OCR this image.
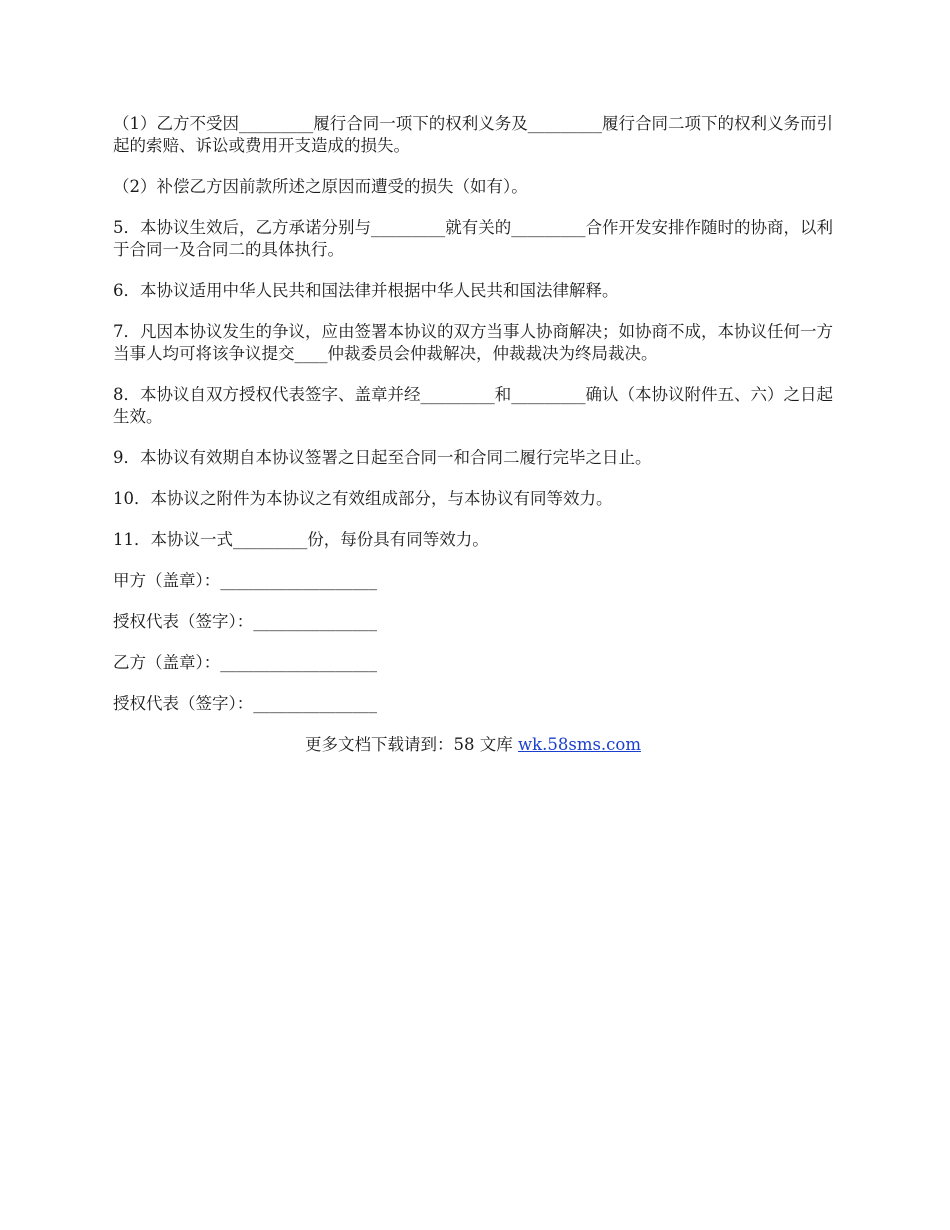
（1）乙方不受因_________履行合同一项下的权利义务及_________履行合同二项下的权利义务而引起的索赔、诉讼或费用开支造成的损失。

（2）补偿乙方因前款所述之原因而遭受的损失（如有）。

5．本协议生效后，乙方承诺分别与_________就有关的_________合作开发安排作随时的协商，以利于合同一及合同二的具体执行。

6．本协议适用中华人民共和国法律并根据中华人民共和国法律解释。

7．凡因本协议发生的争议，应由签署本协议的双方当事人协商解决；如协商不成，本协议任何一方当事人均可将该争议提交____仲裁委员会仲裁解决，仲裁裁决为终局裁决。

8．本协议自双方授权代表签字、盖章并经_________和_________确认（本协议附件五、六）之日起生效。

9．本协议有效期自本协议签署之日起至合同一和合同二履行完毕之日止。

10．本协议之附件为本协议之有效组成部分，与本协议有同等效力。

11．本协议一式_________份，每份具有同等效力。

甲方（盖章）：___________________

授权代表（签字）：_______________

乙方（盖章）：___________________

授权代表（签字）：_______________

更多文档下载请到：58 文库 wk.58sms.com
